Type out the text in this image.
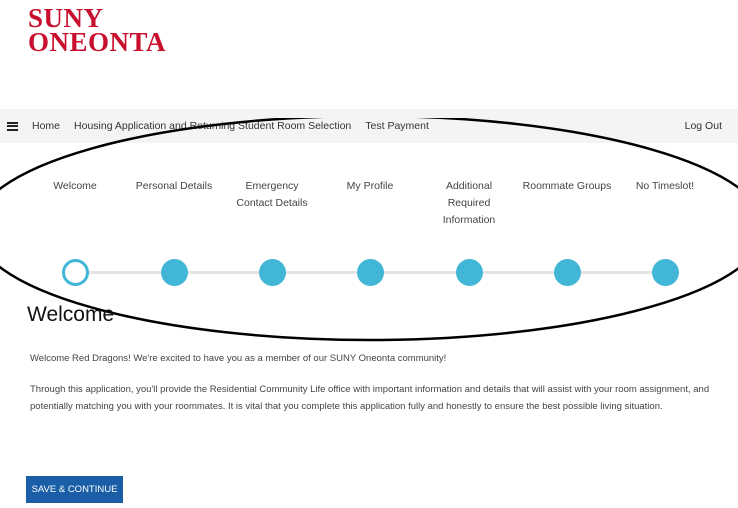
SUNY
ONEONTA
Home Housing Application and Returning Student Room Selection Test Payment	Log Out
Welcome	Personal Details	Emergency Contact Details
My Profile	Additional Required Information
Roommate Groups	No Timeslot!
Welcome

Welcome Red Dragons! We're excited to have you as a member of our SUNY Oneonta community!

Through this application, you'll provide the Residential Community Life office with important information and details that will assist with your room assignment, and potentially matching you with your roommates. It is vital that you complete this application fully and honestly to ensure the best possible living situation.

SAVE & CONTINUE
